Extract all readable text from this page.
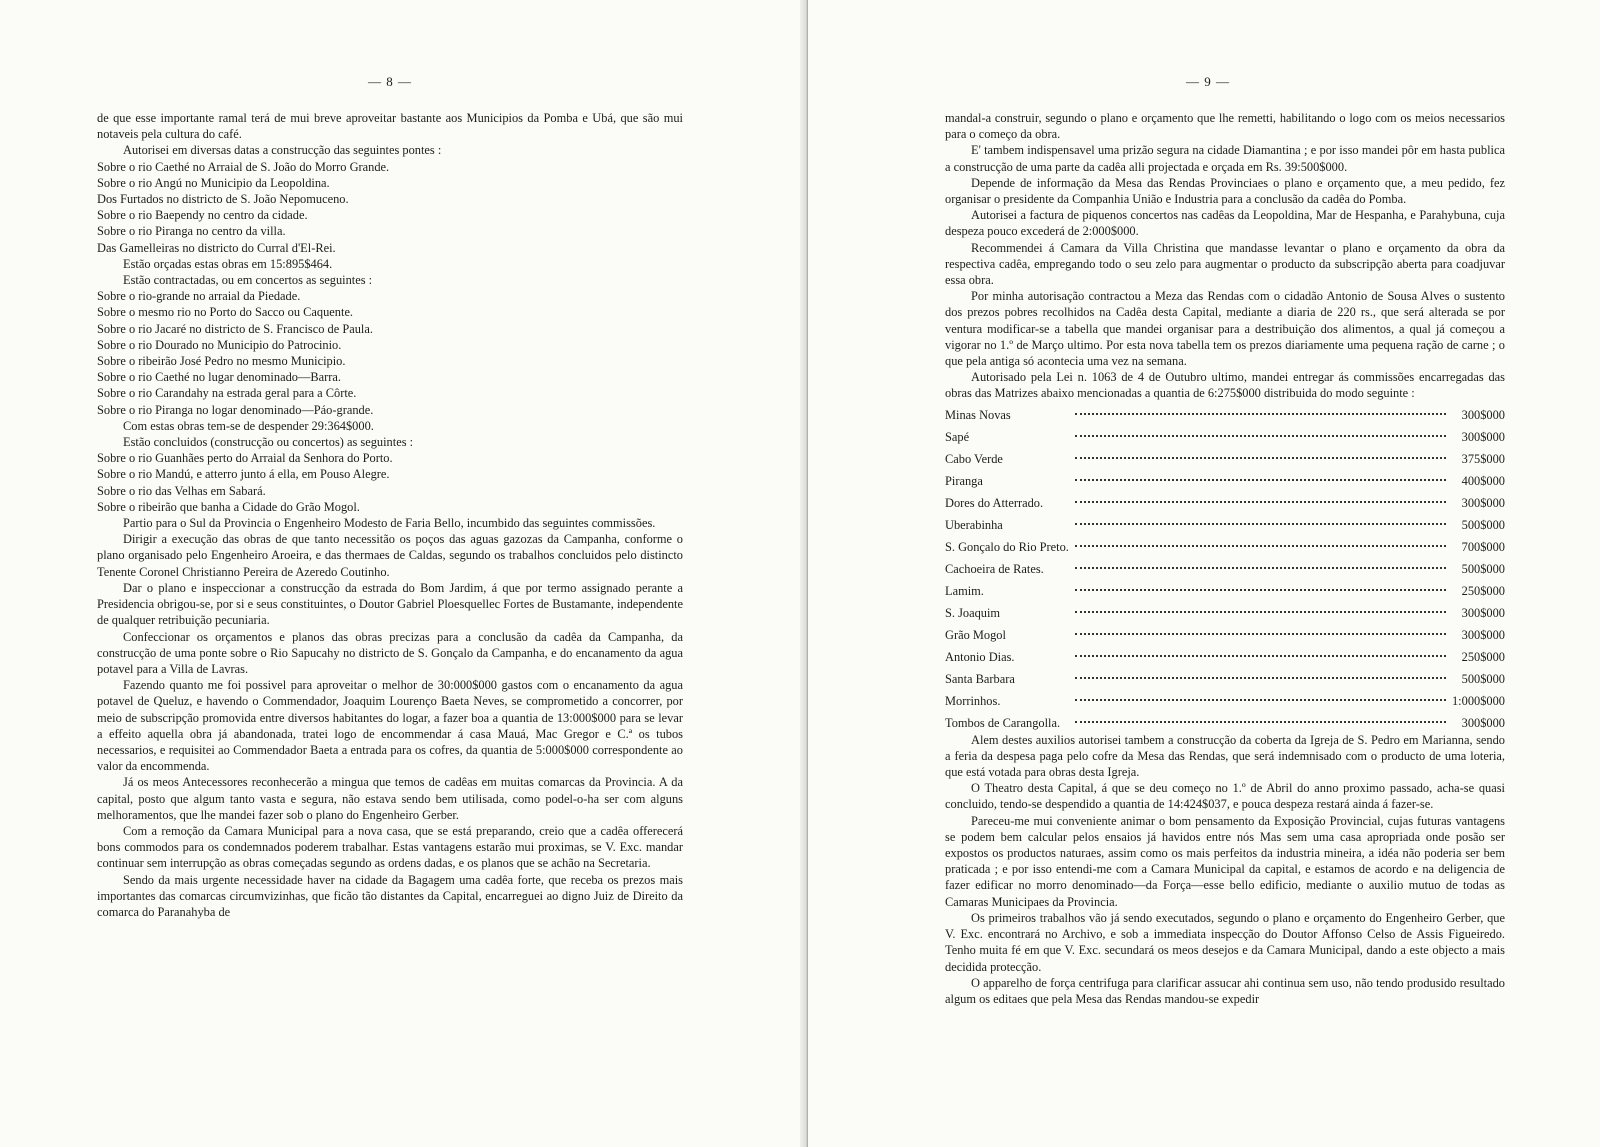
— 8 —

de que esse importante ramal terá de mui breve aproveitar bastante aos Municipios da Pomba e Ubá, que são mui notaveis pela cultura do café.

Autorisei em diversas datas a construcção das seguintes pontes :

Sobre o rio Caethé no Arraial de S. João do Morro Grande.

Sobre o rio Angú no Municipio da Leopoldina.

Dos Furtados no districto de S. João Nepomuceno.

Sobre o rio Baependy no centro da cidade.

Sobre o rio Piranga no centro da villa.

Das Gamelleiras no districto do Curral d'El-Rei.

Estão orçadas estas obras em 15:895$464.

Estão contractadas, ou em concertos as seguintes :

Sobre o rio-grande no arraial da Piedade.

Sobre o mesmo rio no Porto do Sacco ou Caquente.

Sobre o rio Jacaré no districto de S. Francisco de Paula.

Sobre o rio Dourado no Municipio do Patrocinio.

Sobre o ribeirão José Pedro no mesmo Municipio.

Sobre o rio Caethé no lugar denominado—Barra.

Sobre o rio Carandahy na estrada geral para a Côrte.

Sobre o rio Piranga no logar denominado—Páo-grande.

Com estas obras tem-se de despender 29:364$000.

Estão concluidos (construcção ou concertos) as seguintes :

Sobre o rio Guanhães perto do Arraial da Senhora do Porto.

Sobre o rio Mandú, e atterro junto á ella, em Pouso Alegre.

Sobre o rio das Velhas em Sabará.

Sobre o ribeirão que banha a Cidade do Grão Mogol.

Partio para o Sul da Provincia o Engenheiro Modesto de Faria Bello, incumbido das seguintes commissões.

Dirigir a execução das obras de que tanto necessitão os poços das aguas gazozas da Campanha, conforme o plano organisado pelo Engenheiro Aroeira, e das thermaes de Caldas, segundo os trabalhos concluidos pelo distincto Tenente Coronel Christianno Pereira de Azeredo Coutinho.

Dar o plano e inspeccionar a construcção da estrada do Bom Jardim, á que por termo assignado perante a Presidencia obrigou-se, por si e seus constituintes, o Doutor Gabriel Ploesquellec Fortes de Bustamante, independente de qualquer retribuição pecuniaria.

Confeccionar os orçamentos e planos das obras precizas para a conclusão da cadêa da Campanha, da construcção de uma ponte sobre o Rio Sapucahy no districto de S. Gonçalo da Campanha, e do encanamento da agua potavel para a Villa de Lavras.

Fazendo quanto me foi possivel para aproveitar o melhor de 30:000$000 gastos com o encanamento da agua potavel de Queluz, e havendo o Commendador, Joaquim Lourenço Baeta Neves, se comprometido a concorrer, por meio de subscripção promovida entre diversos habitantes do logar, a fazer boa a quantia de 13:000$000 para se levar a effeito aquella obra já abandonada, tratei logo de encommendar á casa Mauá, Mac Gregor e C.ª os tubos necessarios, e requisitei ao Commendador Baeta a entrada para os cofres, da quantia de 5:000$000 correspondente ao valor da encommenda.

Já os meos Antecessores reconhecerão a mingua que temos de cadêas em muitas comarcas da Provincia. A da capital, posto que algum tanto vasta e segura, não estava sendo bem utilisada, como podel-o-ha ser com alguns melhoramentos, que lhe mandei fazer sob o plano do Engenheiro Gerber.

Com a remoção da Camara Municipal para a nova casa, que se está preparando, creio que a cadêa offerecerá bons commodos para os condemnados poderem trabalhar. Estas vantagens estarão mui proximas, se V. Exc. mandar continuar sem interrupção as obras começadas segundo as ordens dadas, e os planos que se achão na Secretaria.

Sendo da mais urgente necessidade haver na cidade da Bagagem uma cadêa forte, que receba os prezos mais importantes das comarcas circumvizinhas, que ficão tão distantes da Capital, encarreguei ao digno Juiz de Direito da comarca do Paranahyba de

— 9 —

mandal-a construir, segundo o plano e orçamento que lhe remetti, habilitando o logo com os meios necessarios para o começo da obra.

E' tambem indispensavel uma prizão segura na cidade Diamantina ; e por isso mandei pôr em hasta publica a construcção de uma parte da cadêa alli projectada e orçada em Rs. 39:500$000.

Depende de informação da Mesa das Rendas Provinciaes o plano e orçamento que, a meu pedido, fez organisar o presidente da Companhia União e Industria para a conclusão da cadêa do Pomba.

Autorisei a factura de piquenos concertos nas cadêas da Leopoldina, Mar de Hespanha, e Parahybuna, cuja despeza pouco excederá de 2:000$000.

Recommendei á Camara da Villa Christina que mandasse levantar o plano e orçamento da obra da respectiva cadêa, empregando todo o seu zelo para augmentar o producto da subscripção aberta para coadjuvar essa obra.

Por minha autorisação contractou a Meza das Rendas com o cidadão Antonio de Sousa Alves o sustento dos prezos pobres recolhidos na Cadêa desta Capital, mediante a diaria de 220 rs., que será alterada se por ventura modificar-se a tabella que mandei organisar para a destribuição dos alimentos, a qual já começou a vigorar no 1.º de Março ultimo. Por esta nova tabella tem os prezos diariamente uma pequena ração de carne ; o que pela antiga só acontecia uma vez na semana.

Autorisado pela Lei n. 1063 de 4 de Outubro ultimo, mandei entregar ás commissões encarregadas das obras das Matrizes abaixo mencionadas a quantia de 6:275$000 distribuida do modo seguinte :

Minas Novas		300$000
Sapé		300$000
Cabo Verde		375$000
Piranga		400$000
Dores do Atterrado.		300$000
Uberabinha		500$000
S. Gonçalo do Rio Preto.		700$000
Cachoeira de Rates.		500$000
Lamim.		250$000
S. Joaquim		300$000
Grão Mogol		300$000
Antonio Dias.		250$000
Santa Barbara		500$000
Morrinhos.		1:000$000
Tombos de Carangolla.		300$000

Alem destes auxilios autorisei tambem a construcção da coberta da Igreja de S. Pedro em Marianna, sendo a feria da despesa paga pelo cofre da Mesa das Rendas, que será indemnisado com o producto de uma loteria, que está votada para obras desta Igreja.

O Theatro desta Capital, á que se deu começo no 1.º de Abril do anno proximo passado, acha-se quasi concluido, tendo-se despendido a quantia de 14:424$037, e pouca despeza restará ainda á fazer-se.

Pareceu-me mui conveniente animar o bom pensamento da Exposição Provincial, cujas futuras vantagens se podem bem calcular pelos ensaios já havidos entre nós Mas sem uma casa apropriada onde posão ser expostos os productos naturaes, assim como os mais perfeitos da industria mineira, a idéa não poderia ser bem praticada ; e por isso entendi-me com a Camara Municipal da capital, e estamos de acordo e na deligencia de fazer edificar no morro denominado—da Força—esse bello edificio, mediante o auxilio mutuo de todas as Camaras Municipaes da Provincia.

Os primeiros trabalhos vão já sendo executados, segundo o plano e orçamento do Engenheiro Gerber, que V. Exc. encontrará no Archivo, e sob a immediata inspecção do Doutor Affonso Celso de Assis Figueiredo. Tenho muita fé em que V. Exc. secundará os meos desejos e da Camara Municipal, dando a este objecto a mais decidida protecção.

O apparelho de força centrifuga para clarificar assucar ahi continua sem uso, não tendo produsido resultado algum os editaes que pela Mesa das Rendas mandou-se expedir
